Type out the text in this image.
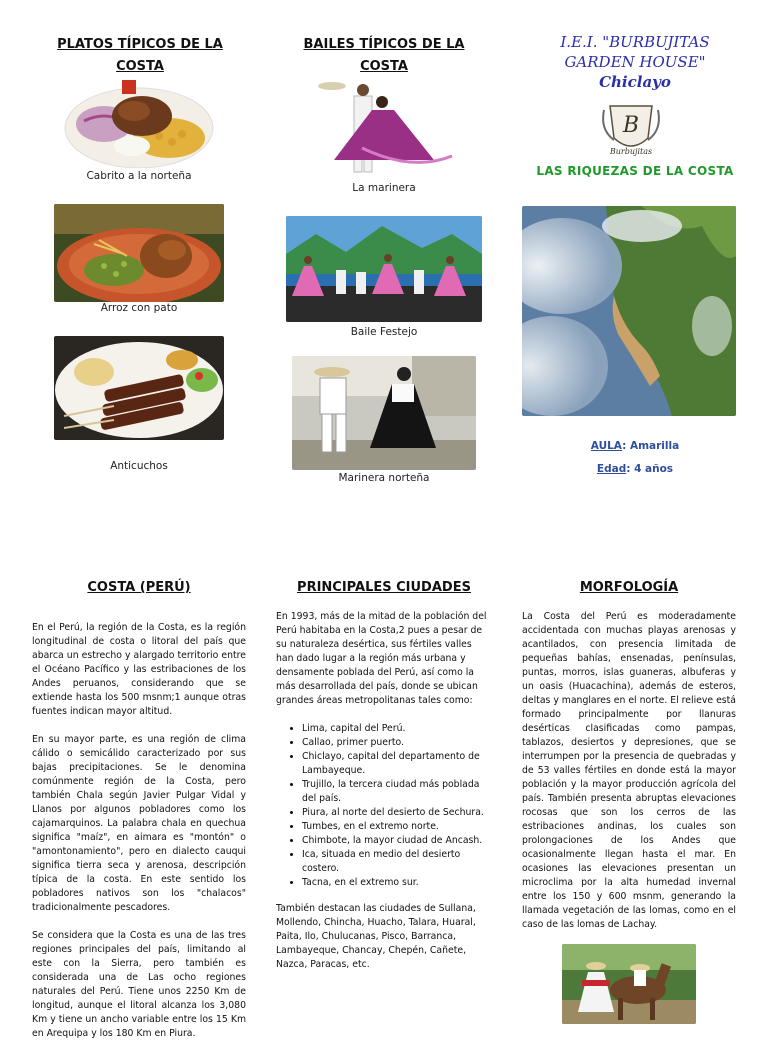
PLATOS TÍPICOS DE LA COSTA
Cabrito a la norteña
Arroz con pato
Anticuchos
BAILES TÍPICOS DE LA COSTA
La marinera
Baile Festejo
Marinera norteña
I.E.I. "BURBUJITAS
GARDEN HOUSE"
Chiclayo
B
Burbujitas
LAS RIQUEZAS DE LA COSTA
AULA: Amarilla
Edad: 4 años
COSTA (PERÚ)

En el Perú, la región de la Costa, es la región longitudinal de costa o litoral del país que abarca un estrecho y alargado territorio entre el Océano Pacífico y las estribaciones de los Andes peruanos, considerando que se extiende hasta los 500 msnm;1 aunque otras fuentes indican mayor altitud.

En su mayor parte, es una región de clima cálido o semicálido caracterizado por sus bajas precipitaciones. Se le denomina comúnmente región de la Costa, pero también Chala según Javier Pulgar Vidal y Llanos por algunos pobladores como los cajamarquinos. La palabra chala en quechua significa "maíz", en aimara es "montón" o "amontonamiento", pero en dialecto cauqui significa tierra seca y arenosa, descripción típica de la costa. En este sentido los pobladores nativos son los "chalacos" tradicionalmente pescadores.

Se considera que la Costa es una de las tres regiones principales del país, limitando al este con la Sierra, pero también es considerada una de Las ocho regiones naturales del Perú. Tiene unos 2250 Km de longitud, aunque el litoral alcanza los 3,080 Km y tiene un ancho variable entre los 15 Km en Arequipa y los 180 Km en Piura.

PRINCIPALES CIUDADES

En 1993, más de la mitad de la población del Perú habitaba en la Costa,2 pues a pesar de su naturaleza desértica, sus fértiles valles han dado lugar a la región más urbana y densamente poblada del Perú, así como la más desarrollada del país, donde se ubican grandes áreas metropolitanas tales como:

• Lima, capital del Perú.
• Callao, primer puerto.
• Chiclayo, capital del departamento de Lambayeque.
• Trujillo, la tercera ciudad más poblada del país.
• Piura, al norte del desierto de Sechura.
• Tumbes, en el extremo norte.
• Chimbote, la mayor ciudad de Ancash.
• Ica, situada en medio del desierto costero.
• Tacna, en el extremo sur.

También destacan las ciudades de Sullana, Mollendo, Chincha, Huacho, Talara, Huaral, Paita, Ilo, Chulucanas, Pisco, Barranca, Lambayeque, Chancay, Chepén, Cañete, Nazca, Paracas, etc.

MORFOLOGÍA

La Costa del Perú es moderadamente accidentada con muchas playas arenosas y acantilados, con presencia limitada de pequeñas bahías, ensenadas, penínsulas, puntas, morros, islas guaneras, albuferas y un oasis (Huacachina), además de esteros, deltas y manglares en el norte. El relieve está formado principalmente por llanuras desérticas clasificadas como pampas, tablazos, desiertos y depresiones, que se interrumpen por la presencia de quebradas y de 53 valles fértiles en donde está la mayor población y la mayor producción agrícola del país. También presenta abruptas elevaciones rocosas que son los cerros de las estribaciones andinas, los cuales son prolongaciones de los Andes que ocasionalmente llegan hasta el mar. En ocasiones las elevaciones presentan un microclima por la alta humedad invernal entre los 150 y 600 msnm, generando la llamada vegetación de las lomas, como en el caso de las lomas de Lachay.
